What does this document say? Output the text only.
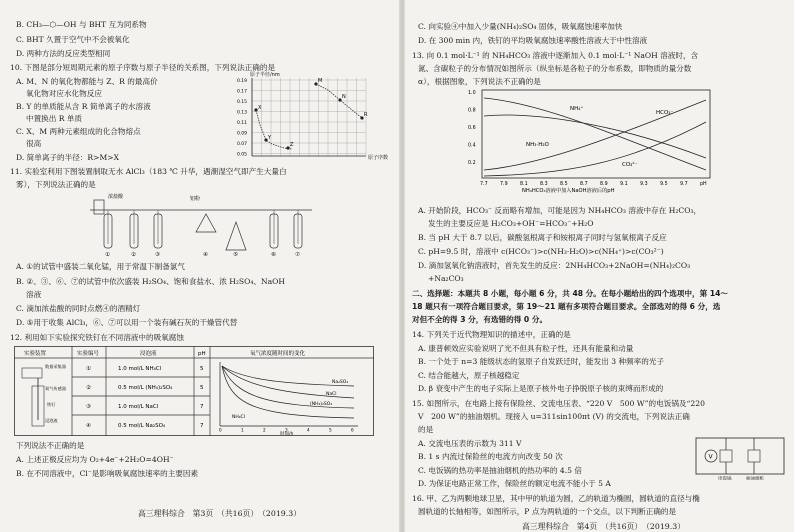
B. CH₃—⬡—OH 与 BHT 互为同系物
C. BHT 久置于空气中不会被氧化
D. 两种方法的反应类型相同
10. 下图是部分短周期元素的原子序数与原子半径的关系图，下列说法正确的是
A. M、N 的氧化物都能与 Z、R 的最高价
氧化物对应水化物反应
B. Y 的单质能从含 R 简单离子的水溶液
中置换出 R 单质
C. X、M 两种元素组成的化合物熔点
很高
D. 简单离子的半径：R>M>X
原子半径/nm
0.19
0.17
0.15
0.13
0.11
0.09
0.07
0.05
X
Y
Z
M
N
R
原子序数
11. 实验室利用下图装置制取无水 AlCl₃（183 ℃ 升华，遇潮湿空气即产生大量白
雾），下列说法正确的是
浓盐酸	铝粉
①	②	③	④	⑤	⑥	⑦
A. ①的试管中盛装二氧化锰，用于常温下制备氯气
B. ②、③、⑥、⑦的试管中依次盛装 H₂SO₄、饱和食盐水、浓 H₂SO₄、NaOH
溶液
C. 滴加浓盐酸的同时点燃④的酒精灯
D. ⑤用于收集 AlCl₃，⑥、⑦可以用一个装有碱石灰的干燥管代替
12. 利用如下实验探究铁钉在不同溶液中的吸氧腐蚀
实验装置	实验编号	浸泡液	pH	氧气浓度随时间的变化
①	1.0 mol/L NH₄Cl	5
②	0.5 mol/L (NH₄)₂SO₄	5
③	1.0 mol/L NaCl	7
④	0.5 mol/L Na₂SO₄	7
数据采集器
氧气传感器
铁钉
浸泡液
Na₂SO₄
NaCl
(NH₄)₂SO₄
NH₄Cl
0	1	2	3	4	5	6
时间/h
下列说法不正确的是
A. 上述正极反应均为 O₂+4e⁻+2H₂O=4OH⁻
B. 在不同溶液中，Cl⁻是影响吸氧腐蚀速率的主要因素
高三理科综合　第3页　（共16页）　（2019.3）
C. 向实验④中加入少量(NH₄)₂SO₄ 固体，吸氧腐蚀速率加快
D. 在 300 min 内，铁钉的平均吸氧腐蚀速率酸性溶液大于中性溶液
13. 向 0.1 mol·L⁻¹ 的 NH₄HCO₃ 溶液中逐渐加入 0.1 mol·L⁻¹ NaOH 溶液时，含
氮、含碳粒子的分布情况如图所示（纵坐标是各粒子的分布系数，即物质的量分数
α），根据图象，下列说法不正确的是
1.0
0.8
0.6
0.4
0.2
7.7	7.9	8.1	8.3	8.5	8.7	8.9	9.1	9.3	9.5	9.7	pH
NH₄⁺
HCO₃⁻
NH₃·H₂O
CO₃²⁻
NH₄HCO₃溶液中加入NaOH溶液后的pH
A. 开始阶段，HCO₃⁻ 反而略有增加，可能是因为 NH₄HCO₃ 溶液中存在 H₂CO₃，
发生的主要反应是 H₂CO₃+OH⁻=HCO₃⁻+H₂O
B. 当 pH 大于 8.7 以后，碳酸氢根离子和铵根离子同时与氢氧根离子反应
C. pH=9.5 时，溶液中 c(HCO₃⁻)>c(NH₃·H₂O)>c(NH₄⁺)>c(CO₃²⁻)
D. 滴加氢氧化钠溶液时，首先发生的反应：2NH₄HCO₃+2NaOH=(NH₄)₂CO₃
+Na₂CO₃
二、选择题：本题共 8 小题，每小题 6 分，共 48 分。在每小题给出的四个选项中，第 14～
18 题只有一项符合题目要求，第 19～21 题有多项符合题目要求。全部选对的得 6 分，选
对但不全的得 3 分，有选错的得 0 分。
14. 下列关于近代物理知识的描述中，正确的是
A. 康普顿效应实验说明了光不但具有粒子性，还具有能量和动量
B. 一个处于 n=3 能级状态的氢原子自发跃迁时，能发出 3 种频率的光子
C. 结合能越大，原子核越稳定
D. β 衰变中产生的电子实际上是原子核外电子挣脱原子核的束缚而形成的
15. 如图所示，在电路上接有保险丝、交流电压表、“220 V　500 W”的电饭锅及“220
V　200 W”的抽油烟机。现接入 u=311sin100πt (V) 的交流电，下列说法正确
的是
A. 交流电压表的示数为 311 V
B. 1 s 内流过保险丝的电流方向改变 50 次
C. 电饭锅的热功率是抽油烟机的热功率的 4.5 倍
D. 为保证电路正常工作，保险丝的额定电流不能小于 5 A
V
电饭锅	抽油烟机
16. 甲、乙为两颗地球卫星，其中甲的轨道为圆，乙的轨道为椭圆，圆轨道的直径与椭
圆轨道的长轴相等，如图所示，P 点为两轨道的一个交点，以下判断正确的是
高三理科综合　第4页　（共16页）　（2019.3）
